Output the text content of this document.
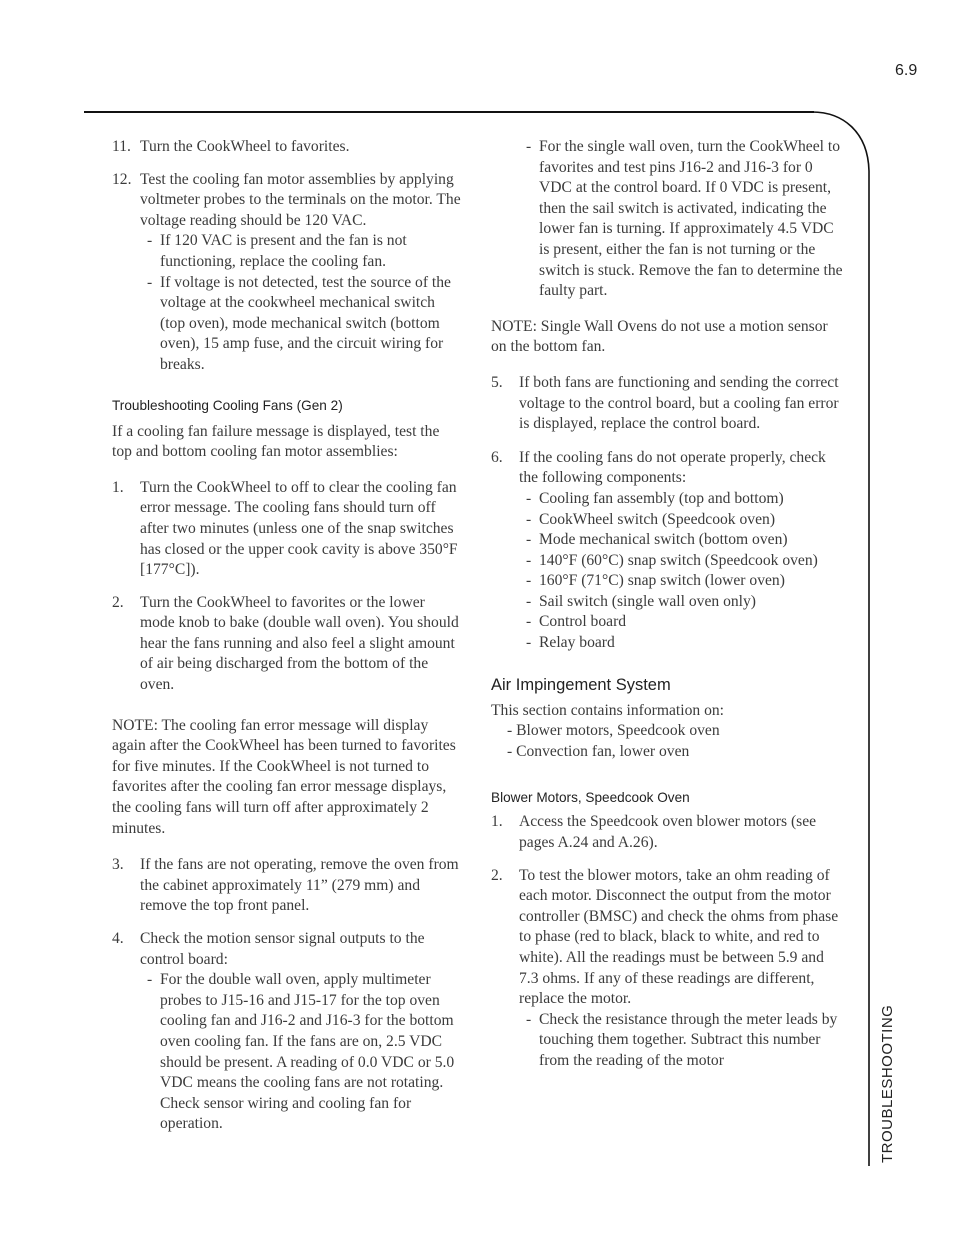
6.9
TROUBLESHOOTING
11. Turn the CookWheel to favorites.
12. Test the cooling fan motor assemblies by applying voltmeter probes to the terminals on the motor. The voltage reading should be 120 VAC.
- If 120 VAC is present and the fan is not functioning, replace the cooling fan.
- If voltage is not detected, test the source of the voltage at the cookwheel mechanical switch (top oven), mode mechanical switch (bottom oven), 15 amp fuse, and the circuit wiring for breaks.
Troubleshooting Cooling Fans (Gen 2)
If a cooling fan failure message is displayed, test the top and bottom cooling fan motor assemblies:
1. Turn the CookWheel to off to clear the cooling fan error message. The cooling fans should turn off after two minutes (unless one of the snap switches has closed or the upper cook cavity is above 350°F [177°C]).
2. Turn the CookWheel to favorites or the lower mode knob to bake (double wall oven). You should hear the fans running and also feel a slight amount of air being discharged from the bottom of the oven.
NOTE: The cooling fan error message will display again after the CookWheel has been turned to favorites for five minutes. If the CookWheel is not turned to favorites after the cooling fan error message displays, the cooling fans will turn off after approximately 2 minutes.
3. If the fans are not operating, remove the oven from the cabinet approximately 11” (279 mm) and remove the top front panel.
4. Check the motion sensor signal outputs to the control board:
- For the double wall oven, apply multimeter probes to J15-16 and J15-17 for the top oven cooling fan and J16-2 and J16-3 for the bottom oven cooling fan. If the fans are on, 2.5 VDC should be present. A reading of 0.0 VDC or 5.0 VDC means the cooling fans are not rotating. Check sensor wiring and cooling fan for operation.
- For the single wall oven, turn the CookWheel to favorites and test pins J16-2 and J16-3 for 0 VDC at the control board. If 0 VDC is present, then the sail switch is activated, indicating the lower fan is turning. If approximately 4.5 VDC is present, either the fan is not turning or the switch is stuck. Remove the fan to determine the faulty part.
NOTE: Single Wall Ovens do not use a motion sensor on the bottom fan.
5. If both fans are functioning and sending the correct voltage to the control board, but a cooling fan error is displayed, replace the control board.
6. If the cooling fans do not operate properly, check the following components:
- Cooling fan assembly (top and bottom)
- CookWheel switch (Speedcook oven)
- Mode mechanical switch (bottom oven)
- 140°F (60°C) snap switch (Speedcook oven)
- 160°F (71°C) snap switch (lower oven)
- Sail switch (single wall oven only)
- Control board
- Relay board
Air Impingement System
This section contains information on:
- Blower motors, Speedcook oven
- Convection fan, lower oven
Blower Motors, Speedcook Oven
1. Access the Speedcook oven blower motors (see pages A.24 and A.26).
2. To test the blower motors, take an ohm reading of each motor. Disconnect the output from the motor controller (BMSC) and check the ohms from phase to phase (red to black, black to white, and red to white). All the readings must be between 5.9 and 7.3 ohms. If any of these readings are different, replace the motor.
- Check the resistance through the meter leads by touching them together. Subtract this number from the reading of the motor
